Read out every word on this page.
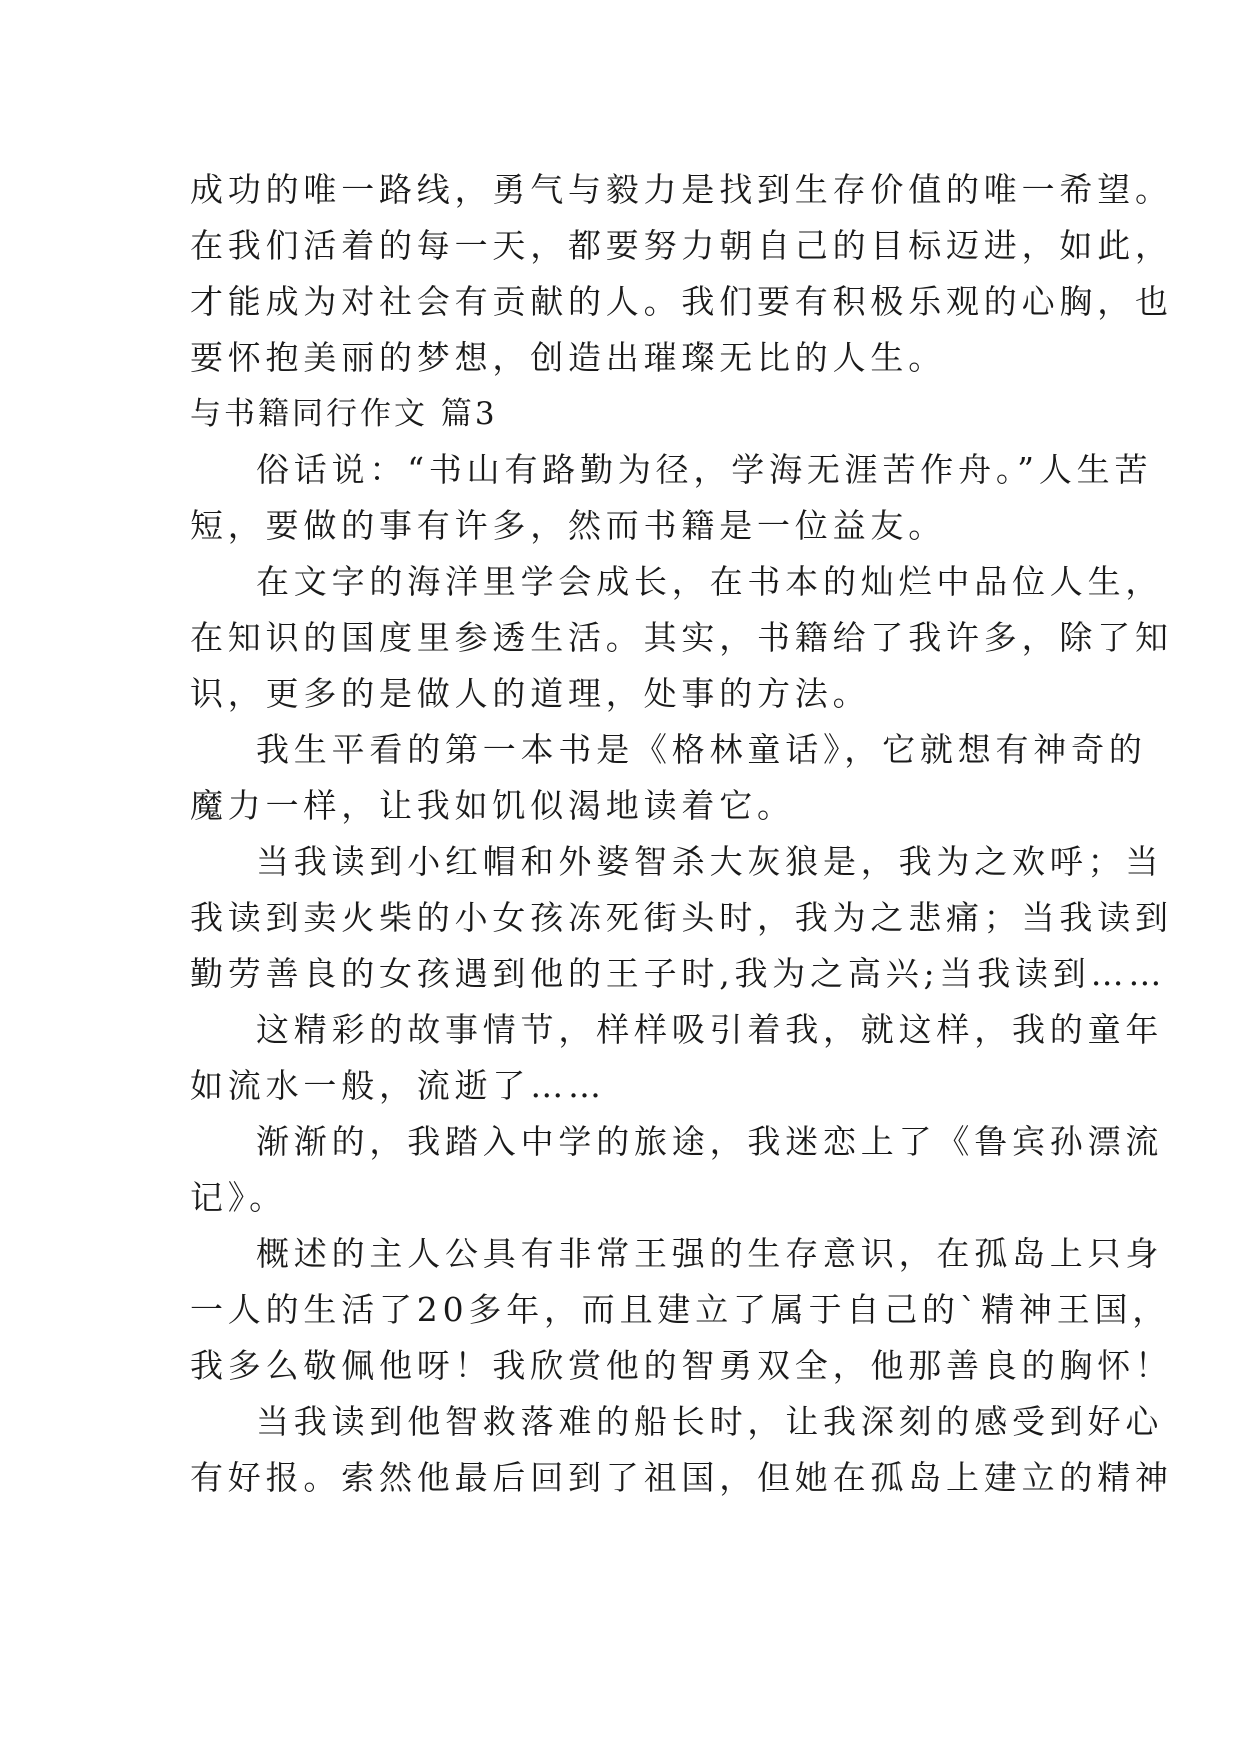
成功的唯一路线，勇气与毅力是找到生存价值的唯一希望。
在我们活着的每一天，都要努力朝自己的目标迈进，如此，
才能成为对社会有贡献的人。我们要有积极乐观的心胸，也
要怀抱美丽的梦想，创造出璀璨无比的人生。
与书籍同行作文 篇3
俗话说：“书山有路勤为径，学海无涯苦作舟。”人生苦
短，要做的事有许多，然而书籍是一位益友。
在文字的海洋里学会成长，在书本的灿烂中品位人生，
在知识的国度里参透生活。其实，书籍给了我许多，除了知
识，更多的是做人的道理，处事的方法。
我生平看的第一本书是《格林童话》，它就想有神奇的
魔力一样，让我如饥似渴地读着它。
当我读到小红帽和外婆智杀大灰狼是，我为之欢呼；当
我读到卖火柴的小女孩冻死街头时，我为之悲痛；当我读到
勤劳善良的女孩遇到他的王子时,我为之高兴;当我读到……
这精彩的故事情节，样样吸引着我，就这样，我的童年
如流水一般，流逝了……
渐渐的，我踏入中学的旅途，我迷恋上了《鲁宾孙漂流
记》。
概述的主人公具有非常王强的生存意识，在孤岛上只身
一人的生活了20多年，而且建立了属于自己的`精神王国，
我多么敬佩他呀！我欣赏他的智勇双全，他那善良的胸怀！
当我读到他智救落难的船长时，让我深刻的感受到好心
有好报。索然他最后回到了祖国，但她在孤岛上建立的精神
